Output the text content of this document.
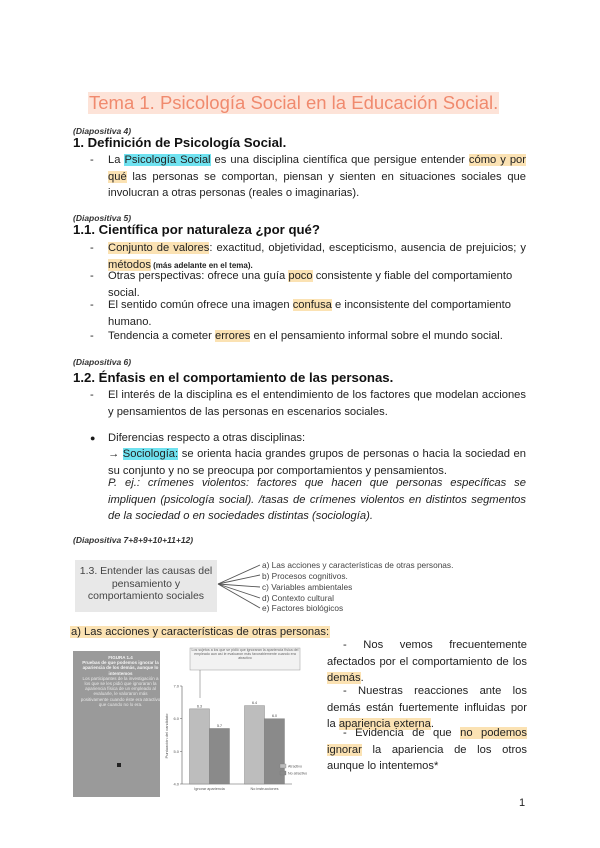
Tema 1. Psicología Social en la Educación Social.
(Diapositiva 4)
1. Definición de Psicología Social.
- La Psicología Social es una disciplina científica que persigue entender cómo y por qué las personas se comportan, piensan y sienten en situaciones sociales que involucran a otras personas (reales o imaginarias).
(Diapositiva 5)
1.1. Científica por naturaleza ¿por qué?
- Conjunto de valores: exactitud, objetividad, escepticismo, ausencia de prejuicios; y métodos (más adelante en el tema).
- Otras perspectivas: ofrece una guía poco consistente y fiable del comportamiento social.
- El sentido común ofrece una imagen confusa e inconsistente del comportamiento humano.
- Tendencia a cometer errores en el pensamiento informal sobre el mundo social.
(Diapositiva 6)
1.2. Énfasis en el comportamiento de las personas.
- El interés de la disciplina es el entendimiento de los factores que modelan acciones y pensamientos de las personas en escenarios sociales.
● Diferencias respecto a otras disciplinas:
→ Sociología: se orienta hacia grandes grupos de personas o hacia la sociedad en su conjunto y no se preocupa por comportamientos y pensamientos.
P. ej.: crímenes violentos: factores que hacen que personas específicas se impliquen (psicología social). /tasas de crímenes violentos en distintos segmentos de la sociedad o en sociedades distintas (sociología).
(Diapositiva 7+8+9+10+11+12)
1.3. Entender las causas del pensamiento y comportamiento sociales
a) Las acciones y características de otras personas.
b) Procesos cognitivos.
c) Variables ambientales
d) Contexto cultural
e) Factores biológicos
a) Las acciones y características de otras personas:
FIGURA 1.4
Pruebas de que podemos ignorar la apariencia de los demás, aunque lo intentemos
Los participantes de la investigación a los que se les pidió que ignoraran la apariencia física de un empleado al evaluarle, le valoraron más positivamente cuando éste era atractivo que cuando no lo era.
Los sujetos a los que se pidió que ignoraran la apariencia física del empleado aun así le evaluaron más favorablemente cuando era atractivo
4.0
5.0
6.0
7.0
Puntuación del candidato
6.3
5.7
Ignorar apariencia
6.4
6.0
No instrucciones
Atractivo
No atractivo
- Nos vemos frecuentemente afectados por el comportamiento de los demás.
- Nuestras reacciones ante los demás están fuertemente influidas por la apariencia externa.
- Evidencia de que no podemos ignorar la apariencia de los otros aunque lo intentemos*
1
